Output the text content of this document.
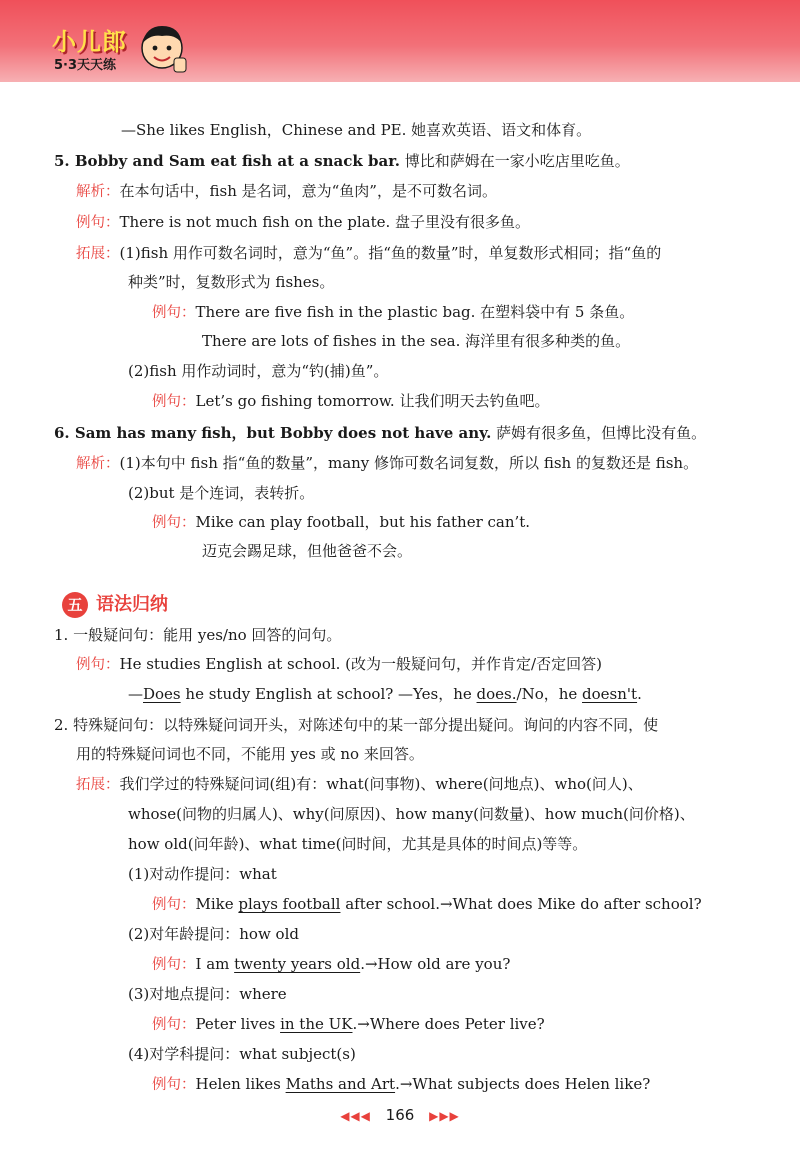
小儿郎
5·3天天练
—She likes English，Chinese and PE. 她喜欢英语、语文和体育。
5. Bobby and Sam eat fish at a snack bar. 博比和萨姆在一家小吃店里吃鱼。
解析：在本句话中，fish 是名词，意为“鱼肉”，是不可数名词。
例句：There is not much fish on the plate. 盘子里没有很多鱼。
拓展：(1)fish 用作可数名词时，意为“鱼”。指“鱼的数量”时，单复数形式相同；指“鱼的
种类”时，复数形式为 fishes。
例句：There are five fish in the plastic bag. 在塑料袋中有 5 条鱼。
There are lots of fishes in the sea. 海洋里有很多种类的鱼。
(2)fish 用作动词时，意为“钓(捕)鱼”。
例句：Let’s go fishing tomorrow. 让我们明天去钓鱼吧。
6. Sam has many fish，but Bobby does not have any. 萨姆有很多鱼，但博比没有鱼。
解析：(1)本句中 fish 指“鱼的数量”，many 修饰可数名词复数，所以 fish 的复数还是 fish。
(2)but 是个连词，表转折。
例句：Mike can play football，but his father can’t.
迈克会踢足球，但他爸爸不会。
五 语法归纳
1. 一般疑问句：能用 yes/no 回答的问句。
例句：He studies English at school. (改为一般疑问句，并作肯定/否定回答)
—Does he study English at school? —Yes，he does./No，he doesn't.
2. 特殊疑问句：以特殊疑问词开头，对陈述句中的某一部分提出疑问。询问的内容不同，使
用的特殊疑问词也不同，不能用 yes 或 no 来回答。
拓展：我们学过的特殊疑问词(组)有：what(问事物)、where(问地点)、who(问人)、
whose(问物的归属人)、why(问原因)、how many(问数量)、how much(问价格)、
how old(问年龄)、what time(问时间，尤其是具体的时间点)等等。
(1)对动作提问：what
例句：Mike plays football after school.→What does Mike do after school?
(2)对年龄提问：how old
例句：I am twenty years old.→How old are you?
(3)对地点提问：where
例句：Peter lives in the UK.→Where does Peter live?
(4)对学科提问：what subject(s)
例句：Helen likes Maths and Art.→What subjects does Helen like?
◀◀◀ 166 ▶▶▶
